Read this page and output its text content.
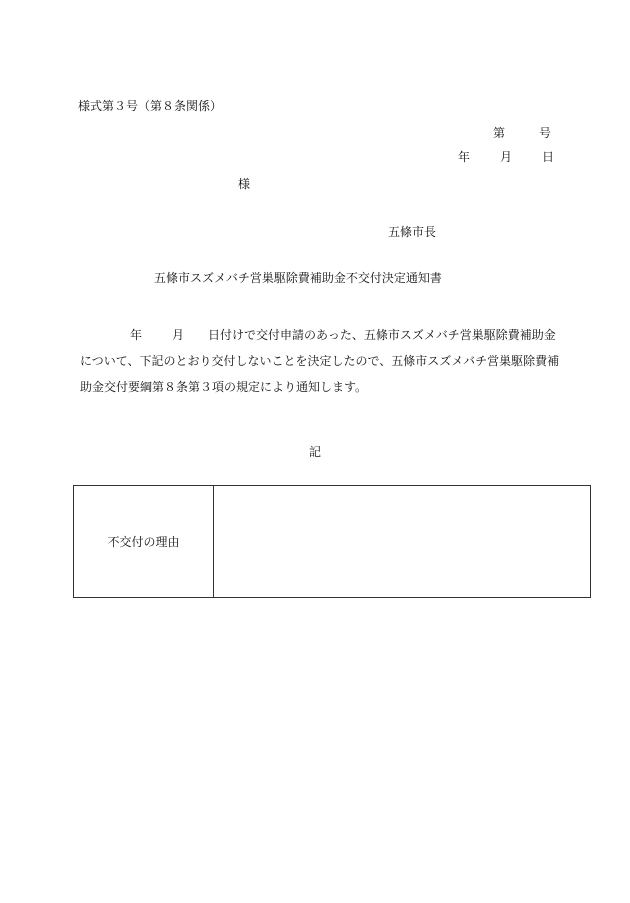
様式第３号（第８条関係）
第	号
年	月	日
様
五條市長
五條市スズメバチ営巣駆除費補助金不交付決定通知書
年	月 日付けで交付申請のあった、五條市スズメバチ営巣駆除費補助金について、下記のとおり交付しないことを決定したので、五條市スズメバチ営巣駆除費補助金交付要綱第８条第３項の規定により通知します。
記
不交付の理由
